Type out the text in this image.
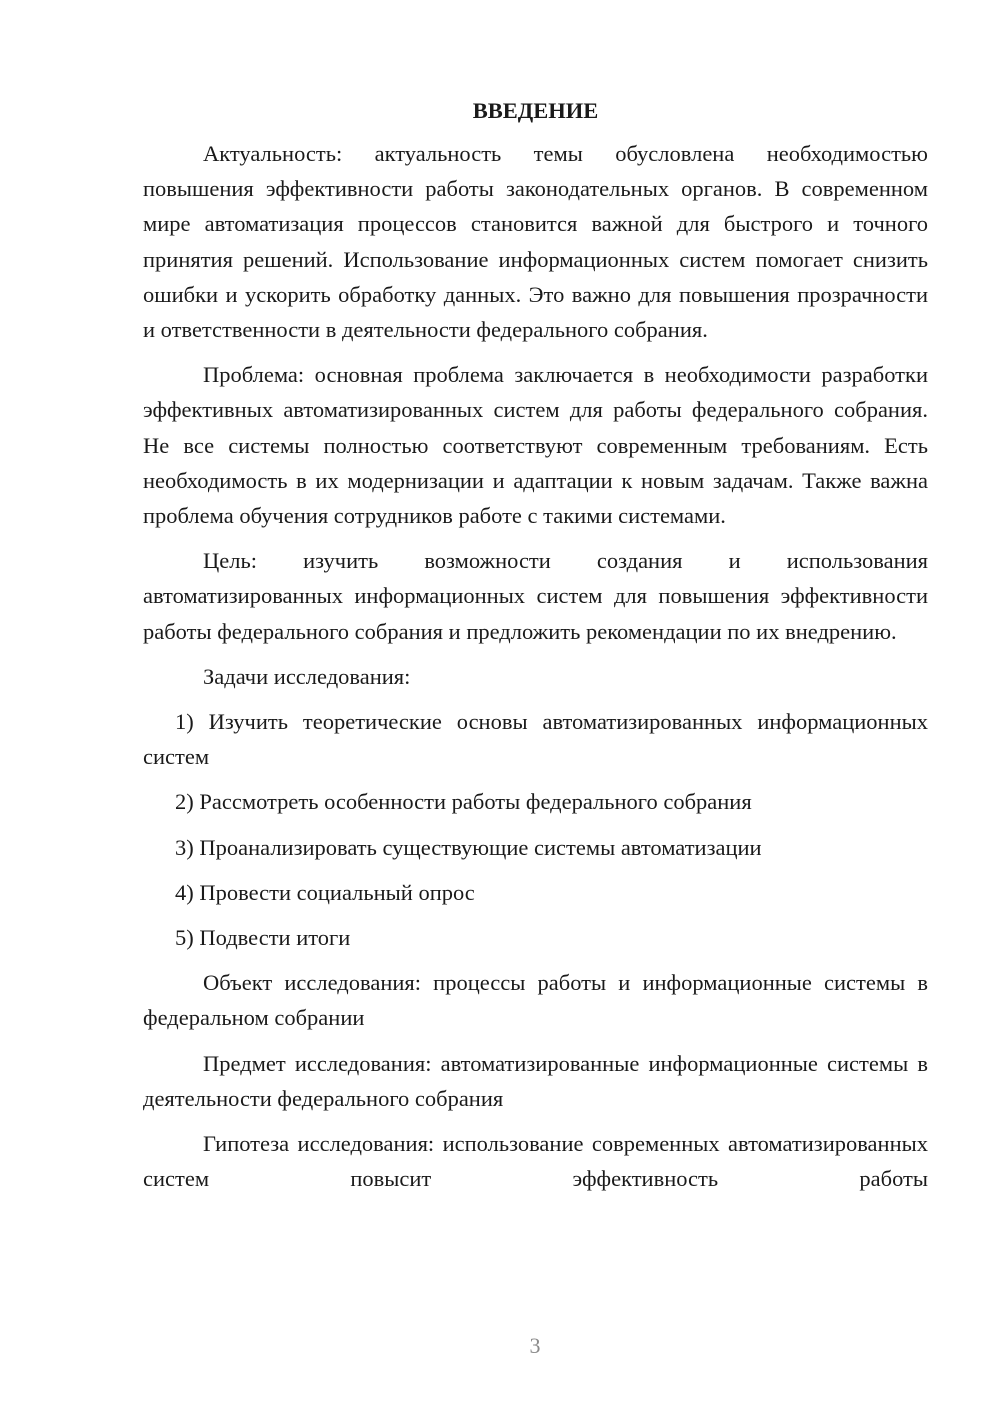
ВВЕДЕНИЕ

Актуальность: актуальность темы обусловлена необходимостью повышения эффективности работы законодательных органов. В современном мире автоматизация процессов становится важной для быстрого и точного принятия решений. Использование информационных систем помогает снизить ошибки и ускорить обработку данных. Это важно для повышения прозрачности и ответственности в деятельности федерального собрания.

Проблема: основная проблема заключается в необходимости разработки эффективных автоматизированных систем для работы федерального собрания. Не все системы полностью соответствуют современным требованиям. Есть необходимость в их модернизации и адаптации к новым задачам. Также важна проблема обучения сотрудников работе с такими системами.

Цель: изучить возможности создания и использования автоматизированных информационных систем для повышения эффективности работы федерального собрания и предложить рекомендации по их внедрению.

Задачи исследования:

1) Изучить теоретические основы автоматизированных информационных систем

2) Рассмотреть особенности работы федерального собрания

3) Проанализировать существующие системы автоматизации

4) Провести социальный опрос

5) Подвести итоги

Объект исследования: процессы работы и информационные системы в федеральном собрании

Предмет исследования: автоматизированные информационные системы в деятельности федерального собрания

Гипотеза исследования: использование современных автоматизированных систем повысит эффективность работы

3
